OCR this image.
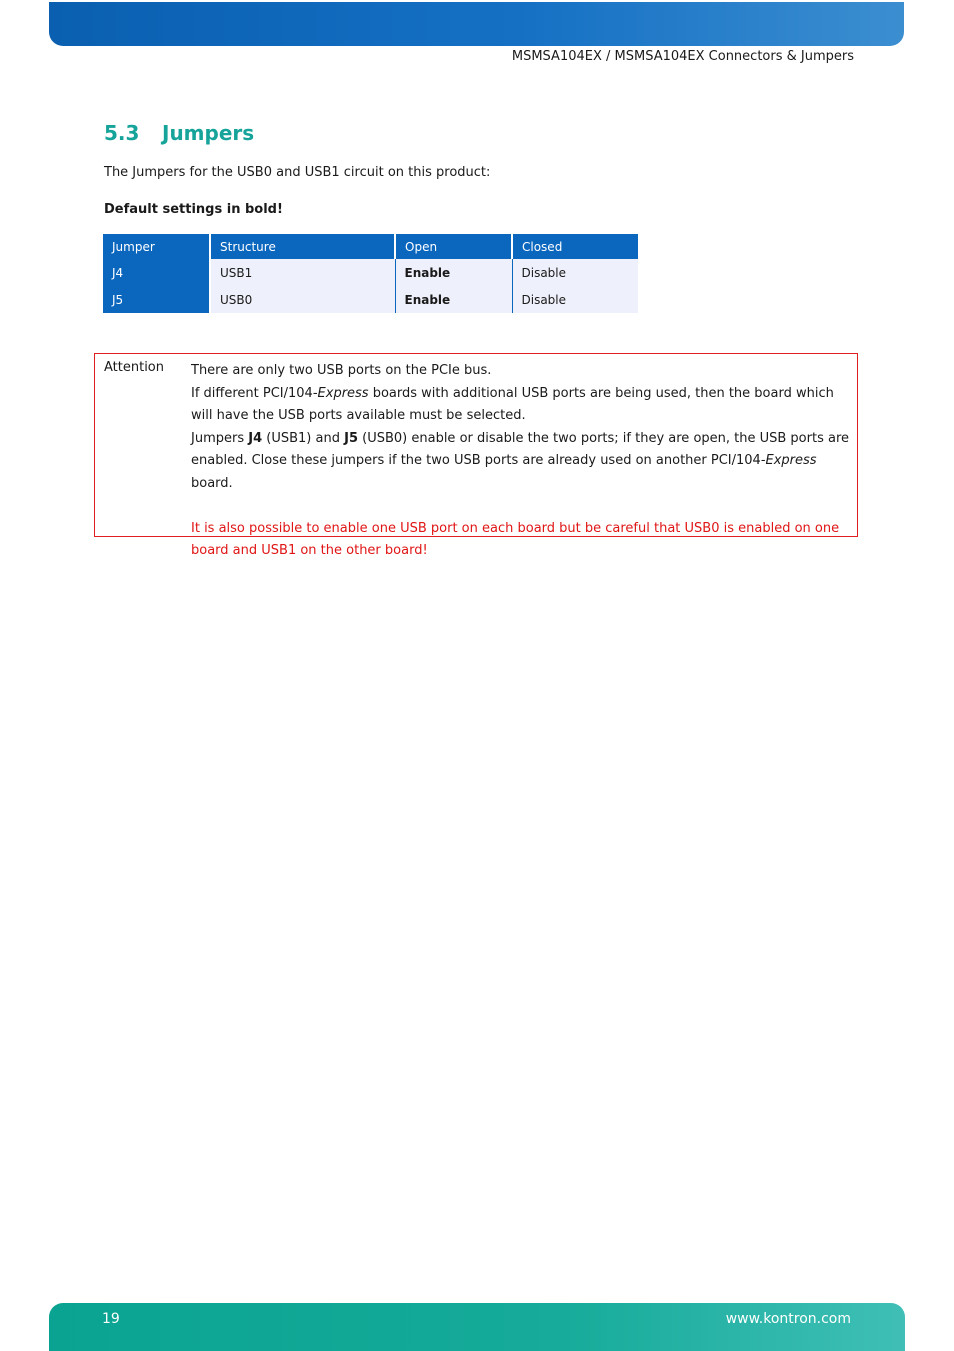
MSMSA104EX / MSMSA104EX Connectors & Jumpers
5.3 Jumpers
The Jumpers for the USB0 and USB1 circuit on this product:
Default settings in bold!
Jumper	Structure	Open	Closed
J4	USB1	Enable	Disable
J5	USB0	Enable	Disable
Attention There are only two USB ports on the PCIe bus.

If different PCI/104-Express boards with additional USB ports are being used, then the board which will have the USB ports available must be selected.

Jumpers J4 (USB1) and J5 (USB0) enable or disable the two ports; if they are open, the USB ports are enabled. Close these jumpers if the two USB ports are already used on another PCI/104-Express board.

It is also possible to enable one USB port on each board but be careful that USB0 is enabled on one board and USB1 on the other board!

19	www.kontron.com
